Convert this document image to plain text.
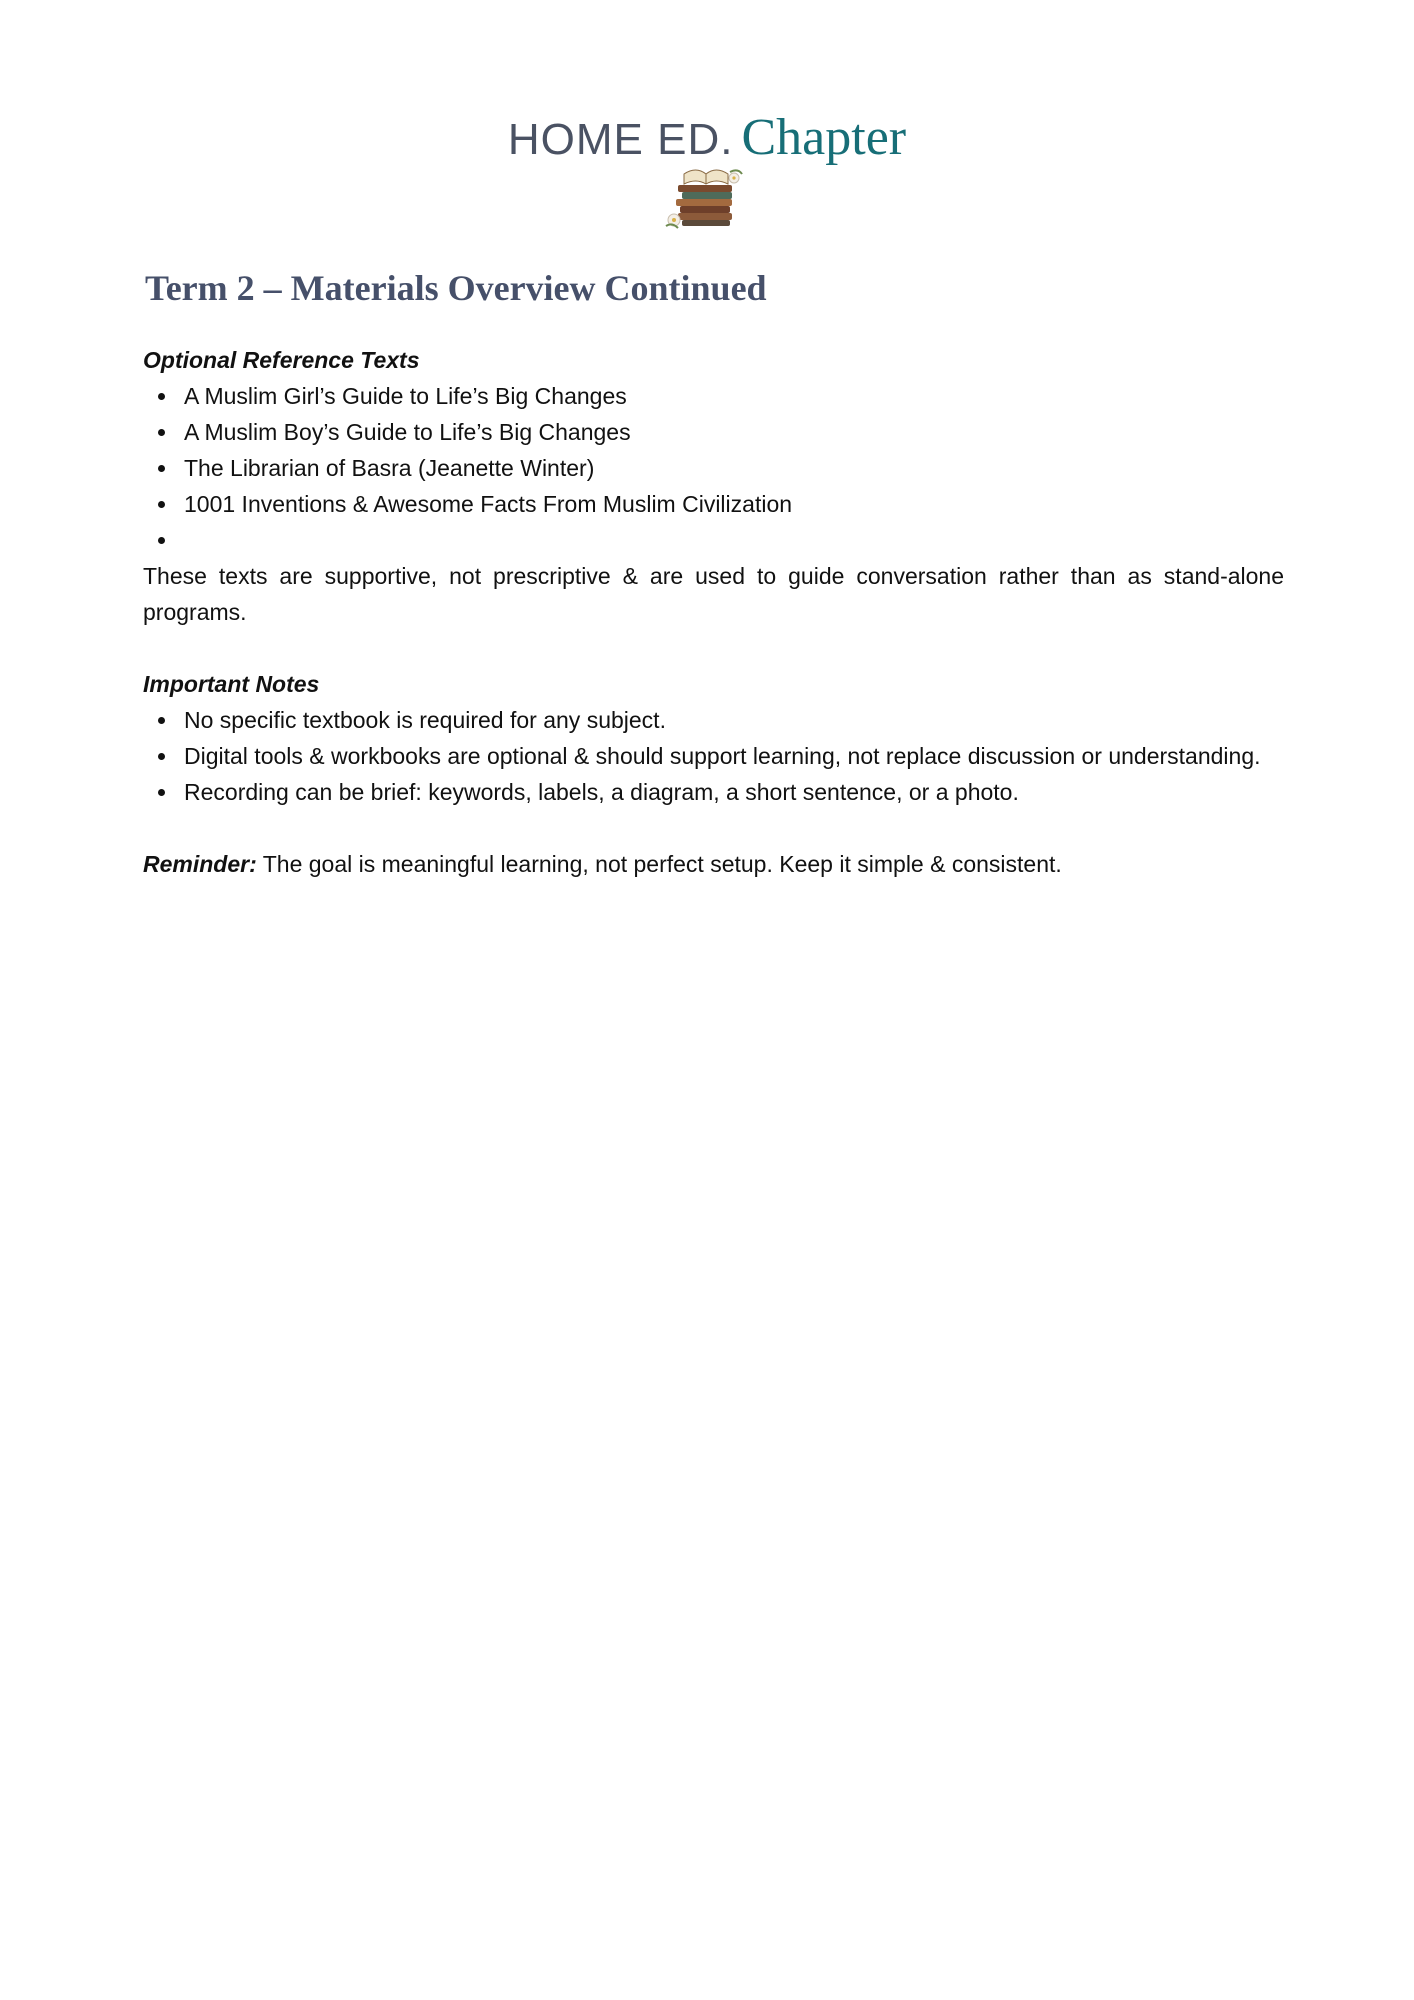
HOME ED. Chapter
Term 2 – Materials Overview Continued

Optional Reference Texts

A Muslim Girl’s Guide to Life’s Big Changes
A Muslim Boy’s Guide to Life’s Big Changes
The Librarian of Basra (Jeanette Winter)
1001 Inventions & Awesome Facts From Muslim Civilization

These texts are supportive, not prescriptive & are used to guide conversation rather than as stand-alone programs.

Important Notes

No specific textbook is required for any subject.
Digital tools & workbooks are optional & should support learning, not replace discussion or understanding.
Recording can be brief: keywords, labels, a diagram, a short sentence, or a photo.

Reminder: The goal is meaningful learning, not perfect setup. Keep it simple & consistent.
